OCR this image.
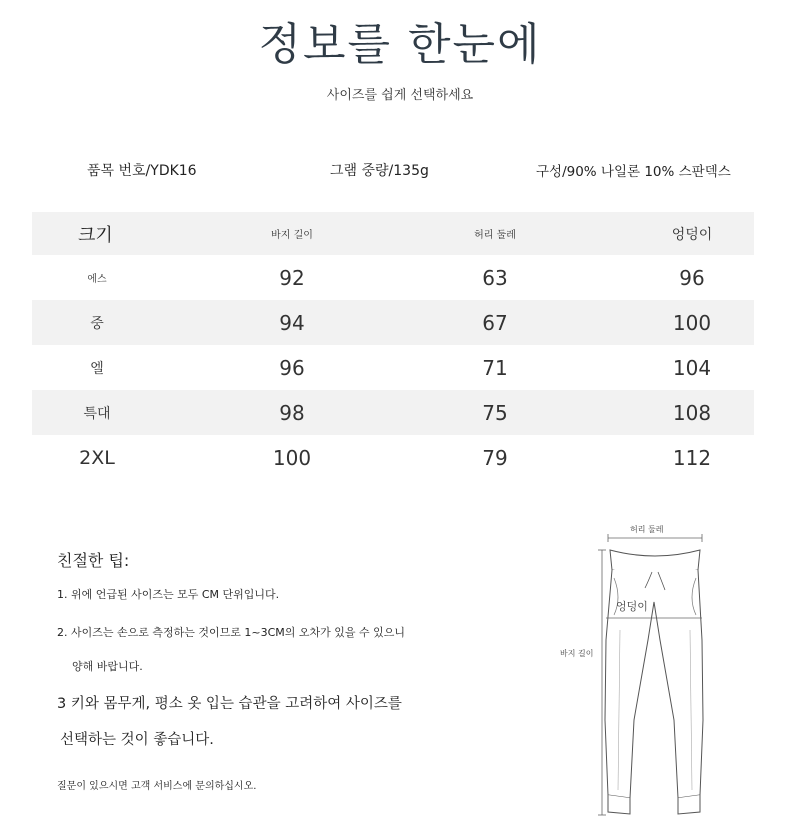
정보를 한눈에
사이즈를 쉽게 선택하세요
품목 번호/YDK16	그램 중량/135g	구성/90% 나일론 10% 스판덱스
크기	바지 길이	허리 둘레	엉덩이
에스	92	63	96
중	94	67	100
엘	96	71	104
특대	98	75	108
2XL	100	79	112
친절한 팁:
1. 위에 언급된 사이즈는 모두 CM 단위입니다.
2. 사이즈는 손으로 측정하는 것이므로 1~3CM의 오차가 있을 수 있으니
양해 바랍니다.
3 키와 몸무게, 평소 옷 입는 습관을 고려하여 사이즈를
선택하는 것이 좋습니다.
질문이 있으시면 고객 서비스에 문의하십시오.
허리 둘레
엉덩이
바지 길이
